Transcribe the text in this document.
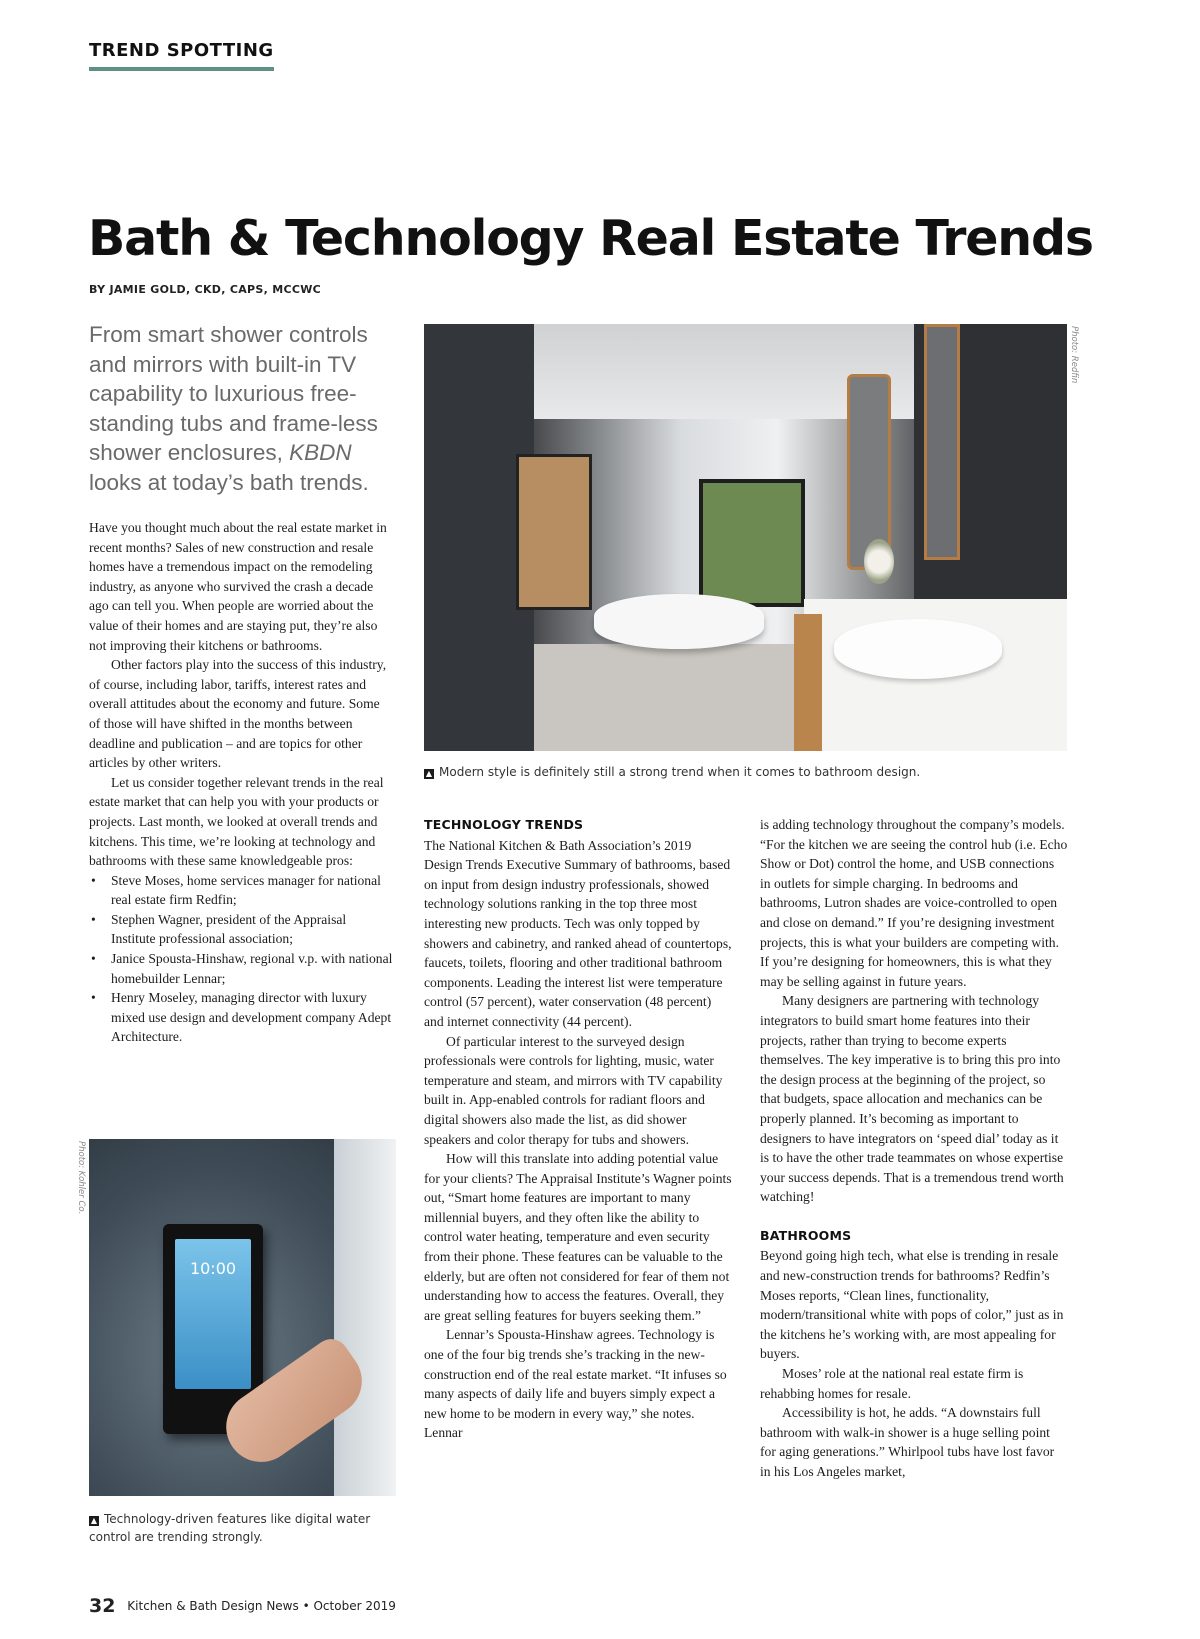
TREND SPOTTING
Bath & Technology Real Estate Trends
BY JAMIE GOLD, CKD, CAPS, MCCWC
From smart shower controls and mirrors with built-in TV capability to luxurious free-standing tubs and frame-less shower enclosures, KBDN looks at today’s bath trends.

Have you thought much about the real estate market in recent months? Sales of new construction and resale homes have a tremendous impact on the remodeling industry, as anyone who survived the crash a decade ago can tell you. When people are worried about the value of their homes and are staying put, they’re also not improving their kitchens or bathrooms.

Other factors play into the success of this industry, of course, including labor, tariffs, interest rates and overall attitudes about the economy and future. Some of those will have shifted in the months between deadline and publication – and are topics for other articles by other writers.

Let us consider together relevant trends in the real estate market that can help you with your products or projects. Last month, we looked at overall trends and kitchens. This time, we’re looking at technology and bathrooms with these same knowledgeable pros:

• Steve Moses, home services manager for national real estate firm Redfin;
• Stephen Wagner, president of the Appraisal Institute professional association;
• Janice Spousta-Hinshaw, regional v.p. with national homebuilder Lennar;
• Henry Moseley, managing director with luxury mixed use design and development company Adept Architecture.
Photo: Redfin
▲ Modern style is definitely still a strong trend when it comes to bathroom design.
10:00
Photo: Kohler Co.
▲ Technology-driven features like digital water control are trending strongly.
TECHNOLOGY TRENDS

The National Kitchen & Bath Association’s 2019 Design Trends Executive Summary of bathrooms, based on input from design industry professionals, showed technology solutions ranking in the top three most interesting new products. Tech was only topped by showers and cabinetry, and ranked ahead of countertops, faucets, toilets, flooring and other traditional bathroom components. Leading the interest list were temperature control (57 percent), water conservation (48 percent) and internet connectivity (44 percent).

Of particular interest to the surveyed design professionals were controls for lighting, music, water temperature and steam, and mirrors with TV capability built in. App-enabled controls for radiant floors and digital showers also made the list, as did shower speakers and color therapy for tubs and showers.

How will this translate into adding potential value for your clients? The Appraisal Institute’s Wagner points out, “Smart home features are important to many millennial buyers, and they often like the ability to control water heating, temperature and even security from their phone. These features can be valuable to the elderly, but are often not considered for fear of them not understanding how to access the features. Overall, they are great selling features for buyers seeking them.”

Lennar’s Spousta-Hinshaw agrees. Technology is one of the four big trends she’s tracking in the new-construction end of the real estate market. “It infuses so many aspects of daily life and buyers simply expect a new home to be modern in every way,” she notes. Lennar

is adding technology throughout the company’s models. “For the kitchen we are seeing the control hub (i.e. Echo Show or Dot) control the home, and USB connections in outlets for simple charging. In bedrooms and bathrooms, Lutron shades are voice-controlled to open and close on demand.” If you’re designing investment projects, this is what your builders are competing with. If you’re designing for homeowners, this is what they may be selling against in future years.

Many designers are partnering with technology integrators to build smart home features into their projects, rather than trying to become experts themselves. The key imperative is to bring this pro into the design process at the beginning of the project, so that budgets, space allocation and mechanics can be properly planned. It’s becoming as important to designers to have integrators on ‘speed dial’ today as it is to have the other trade teammates on whose expertise your success depends. That is a tremendous trend worth watching!

BATHROOMS

Beyond going high tech, what else is trending in resale and new-construction trends for bathrooms? Redfin’s Moses reports, “Clean lines, functionality, modern/transitional white with pops of color,” just as in the kitchens he’s working with, are most appealing for buyers.

Moses’ role at the national real estate firm is rehabbing homes for resale.

Accessibility is hot, he adds. “A downstairs full bathroom with walk-in shower is a huge selling point for aging generations.” Whirlpool tubs have lost favor in his Los Angeles market,

32 Kitchen & Bath Design News • October 2019
